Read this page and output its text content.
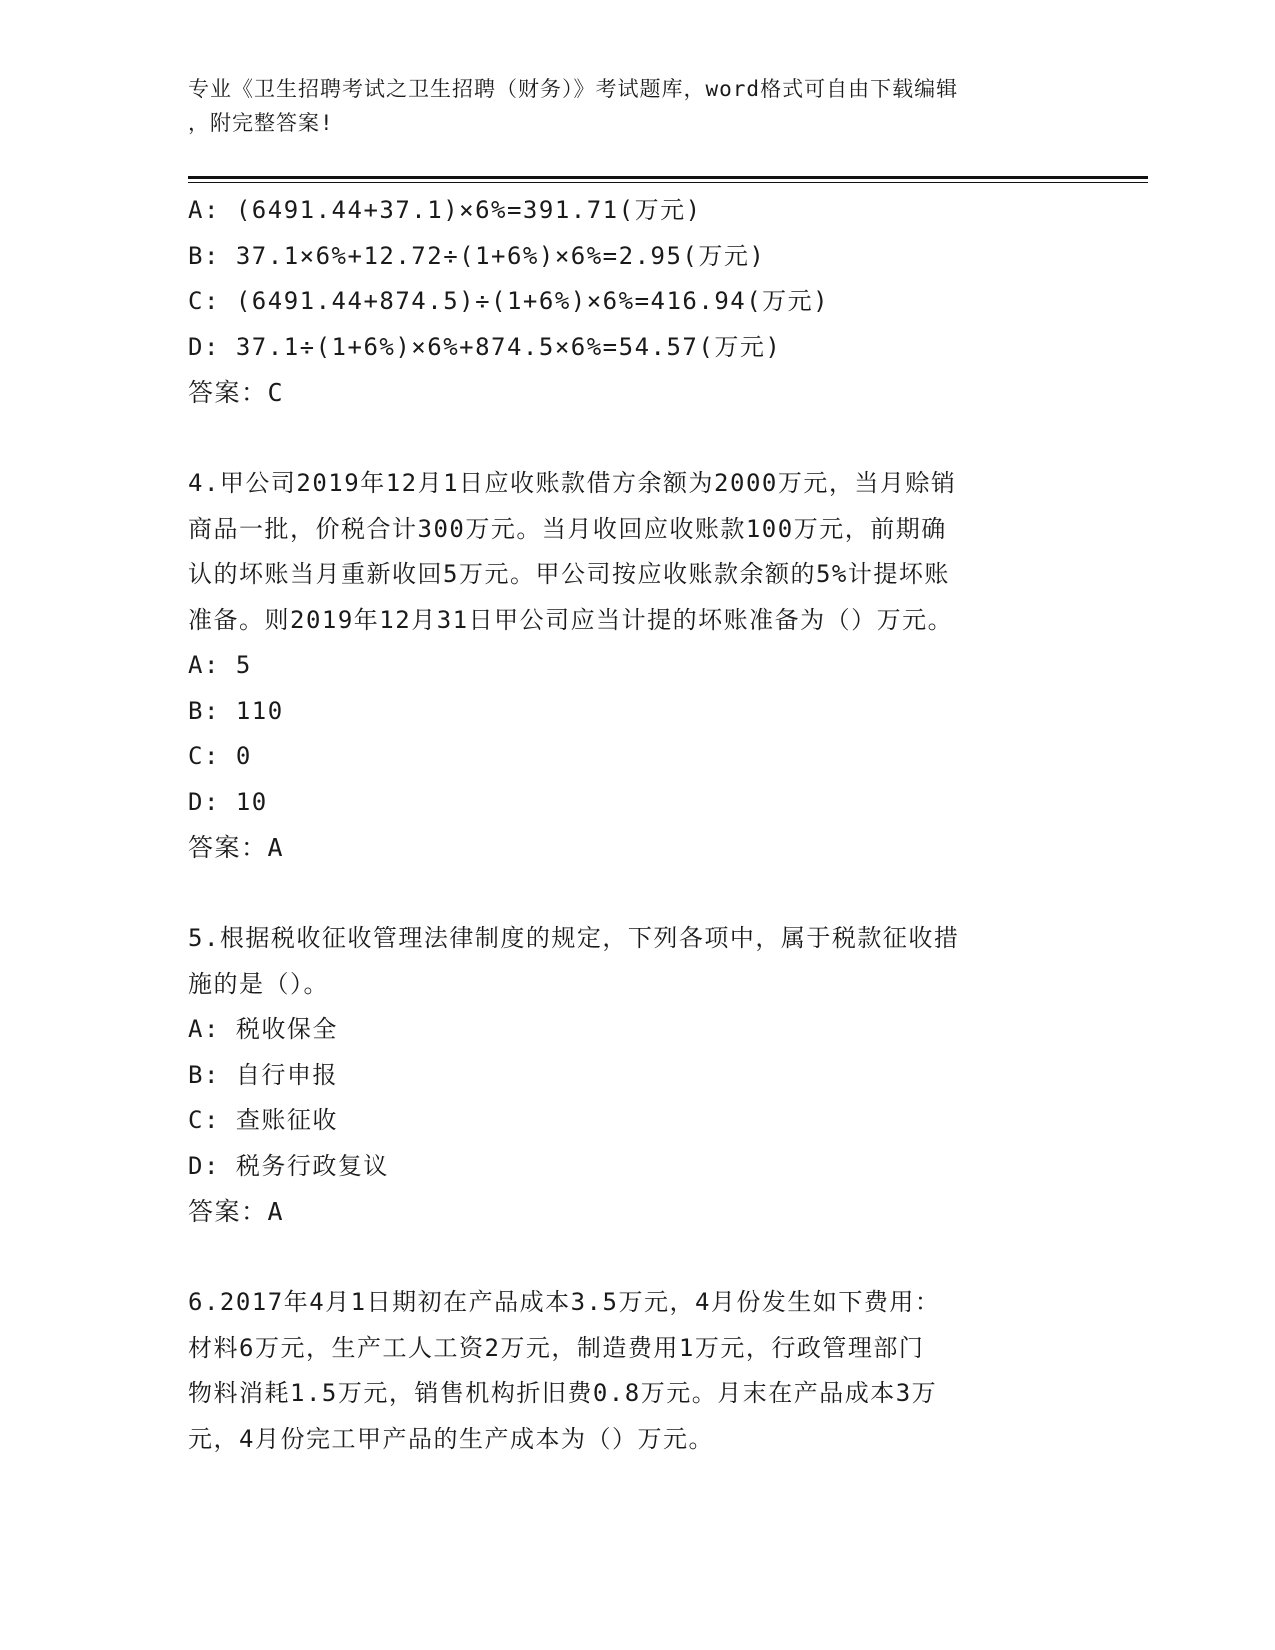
专业《卫生招聘考试之卫生招聘（财务）》考试题库，word格式可自由下载编辑
，附完整答案!
A: (6491.44+37.1)×6%=391.71(万元)
B: 37.1×6%+12.72÷(1+6%)×6%=2.95(万元)
C: (6491.44+874.5)÷(1+6%)×6%=416.94(万元)
D: 37.1÷(1+6%)×6%+874.5×6%=54.57(万元)
答案：C
4.甲公司2019年12月1日应收账款借方余额为2000万元，当月赊销
商品一批，价税合计300万元。当月收回应收账款100万元，前期确
认的坏账当月重新收回5万元。甲公司按应收账款余额的5%计提坏账
准备。则2019年12月31日甲公司应当计提的坏账准备为（）万元。
A: 5
B: 110
C: 0
D: 10
答案：A
5.根据税收征收管理法律制度的规定，下列各项中，属于税款征收措
施的是（）。
A: 税收保全
B: 自行申报
C: 查账征收
D: 税务行政复议
答案：A
6.2017年4月1日期初在产品成本3.5万元，4月份发生如下费用：
材料6万元，生产工人工资2万元，制造费用1万元，行政管理部门
物料消耗1.5万元，销售机构折旧费0.8万元。月末在产品成本3万
元，4月份完工甲产品的生产成本为（）万元。
